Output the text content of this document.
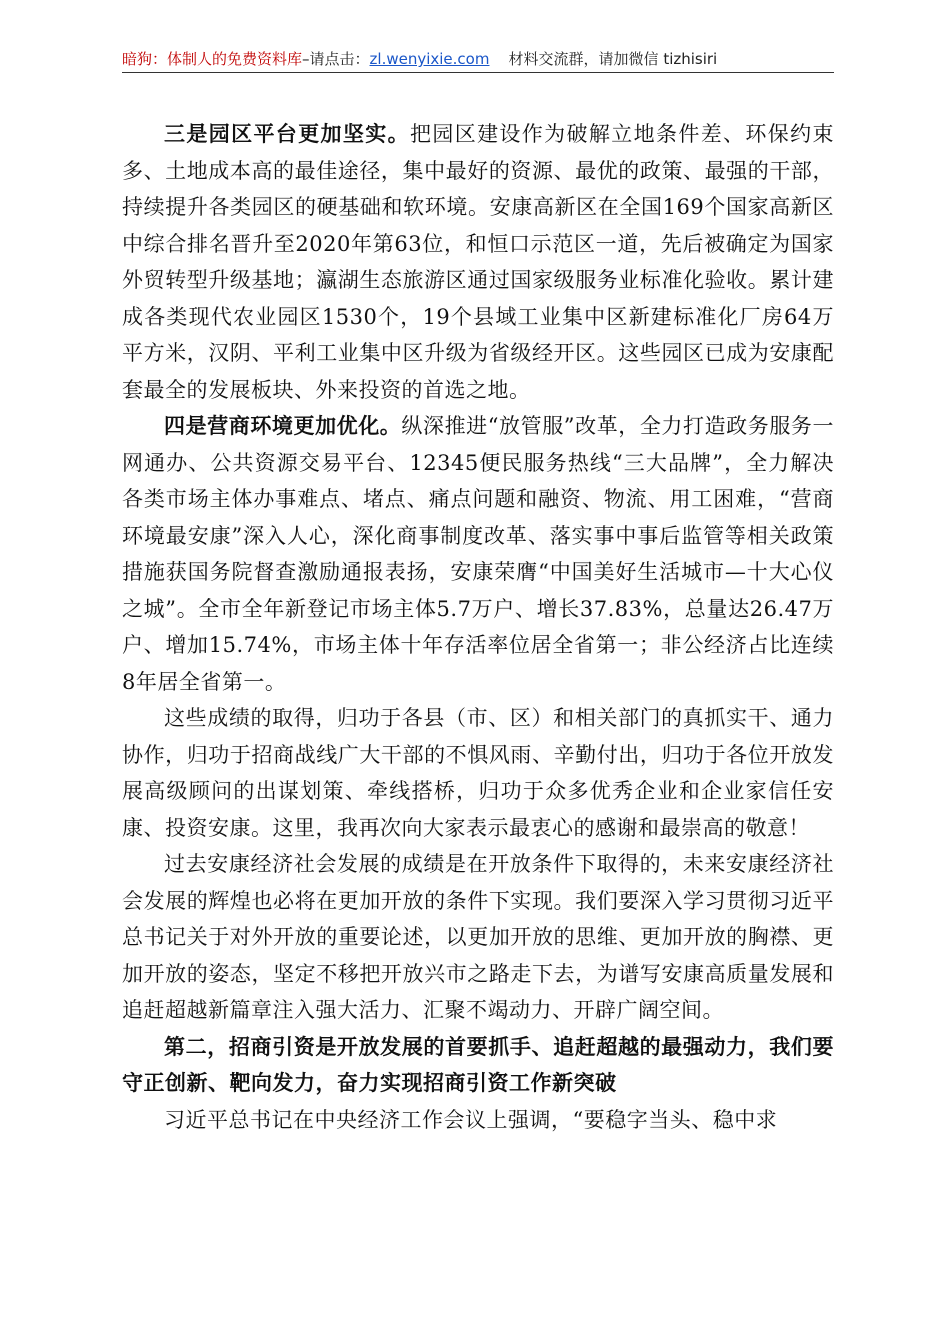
暗狗：体制人的免费资料库–请点击：zl.wenyixie.com 材料交流群，请加微信 tizhisiri

三是园区平台更加坚实。把园区建设作为破解立地条件差、环保约束多、土地成本高的最佳途径，集中最好的资源、最优的政策、最强的干部，持续提升各类园区的硬基础和软环境。安康高新区在全国169个国家高新区中综合排名晋升至2020年第63位，和恒口示范区一道，先后被确定为国家外贸转型升级基地；瀛湖生态旅游区通过国家级服务业标准化验收。累计建成各类现代农业园区1530个，19个县域工业集中区新建标准化厂房64万平方米，汉阴、平利工业集中区升级为省级经开区。这些园区已成为安康配套最全的发展板块、外来投资的首选之地。

四是营商环境更加优化。纵深推进“放管服”改革，全力打造政务服务一网通办、公共资源交易平台、12345便民服务热线“三大品牌”，全力解决各类市场主体办事难点、堵点、痛点问题和融资、物流、用工困难，“营商环境最安康”深入人心，深化商事制度改革、落实事中事后监管等相关政策措施获国务院督查激励通报表扬，安康荣膺“中国美好生活城市—十大心仪之城”。全市全年新登记市场主体5.7万户、增长37.83%，总量达26.47万户、增加15.74%，市场主体十年存活率位居全省第一；非公经济占比连续8年居全省第一。

这些成绩的取得，归功于各县（市、区）和相关部门的真抓实干、通力协作，归功于招商战线广大干部的不惧风雨、辛勤付出，归功于各位开放发展高级顾问的出谋划策、牵线搭桥，归功于众多优秀企业和企业家信任安康、投资安康。这里，我再次向大家表示最衷心的感谢和最崇高的敬意！

过去安康经济社会发展的成绩是在开放条件下取得的，未来安康经济社会发展的辉煌也必将在更加开放的条件下实现。我们要深入学习贯彻习近平总书记关于对外开放的重要论述，以更加开放的思维、更加开放的胸襟、更加开放的姿态，坚定不移把开放兴市之路走下去，为谱写安康高质量发展和追赶超越新篇章注入强大活力、汇聚不竭动力、开辟广阔空间。

第二，招商引资是开放发展的首要抓手、追赶超越的最强动力，我们要守正创新、靶向发力，奋力实现招商引资工作新突破

习近平总书记在中央经济工作会议上强调，“要稳字当头、稳中求
